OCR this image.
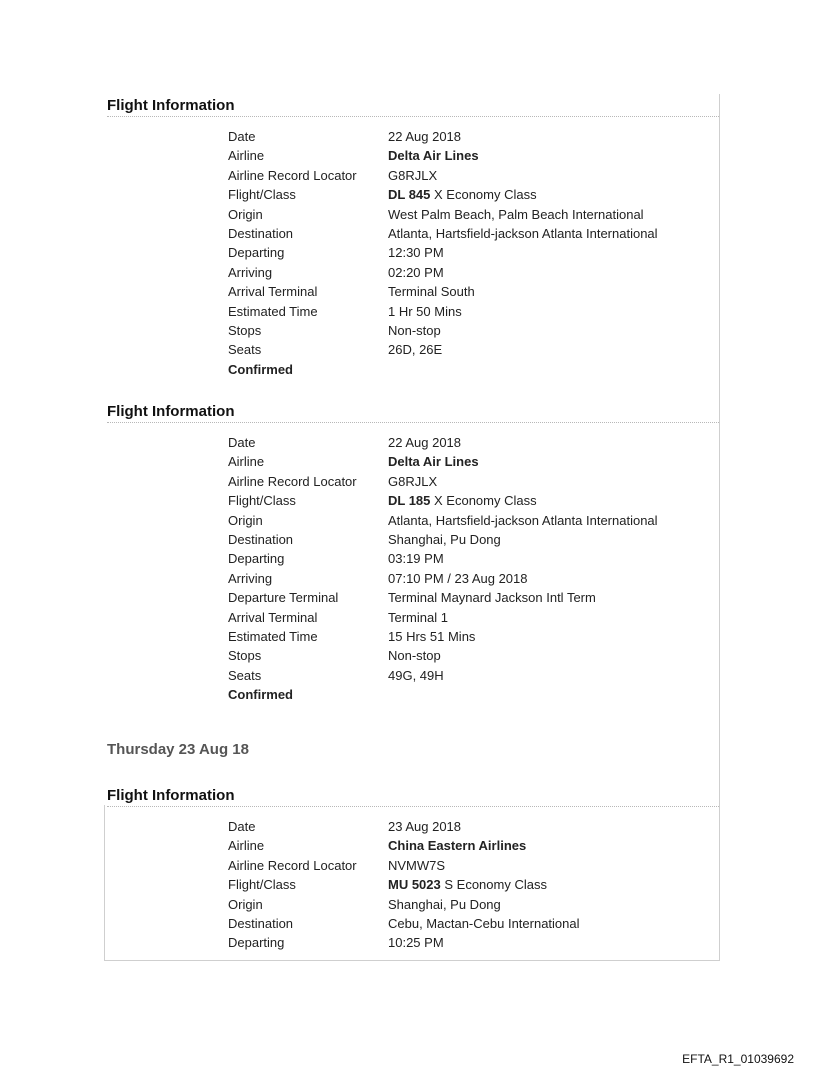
Flight Information
Date	22 Aug 2018
Airline	Delta Air Lines
Airline Record Locator	G8RJLX
Flight/Class	DL 845 X Economy Class
Origin	West Palm Beach, Palm Beach International
Destination	Atlanta, Hartsfield-jackson Atlanta International
Departing	12:30 PM
Arriving	02:20 PM
Arrival Terminal	Terminal South
Estimated Time	1 Hr 50 Mins
Stops	Non-stop
Seats	26D, 26E
Confirmed
Flight Information
Date	22 Aug 2018
Airline	Delta Air Lines
Airline Record Locator	G8RJLX
Flight/Class	DL 185 X Economy Class
Origin	Atlanta, Hartsfield-jackson Atlanta International
Destination	Shanghai, Pu Dong
Departing	03:19 PM
Arriving	07:10 PM / 23 Aug 2018
Departure Terminal	Terminal Maynard Jackson Intl Term
Arrival Terminal	Terminal 1
Estimated Time	15 Hrs 51 Mins
Stops	Non-stop
Seats	49G, 49H
Confirmed
Thursday 23 Aug 18
Flight Information
Date	23 Aug 2018
Airline	China Eastern Airlines
Airline Record Locator	NVMW7S
Flight/Class	MU 5023 S Economy Class
Origin	Shanghai, Pu Dong
Destination	Cebu, Mactan-Cebu International
Departing	10:25 PM
EFTA_R1_01039692
